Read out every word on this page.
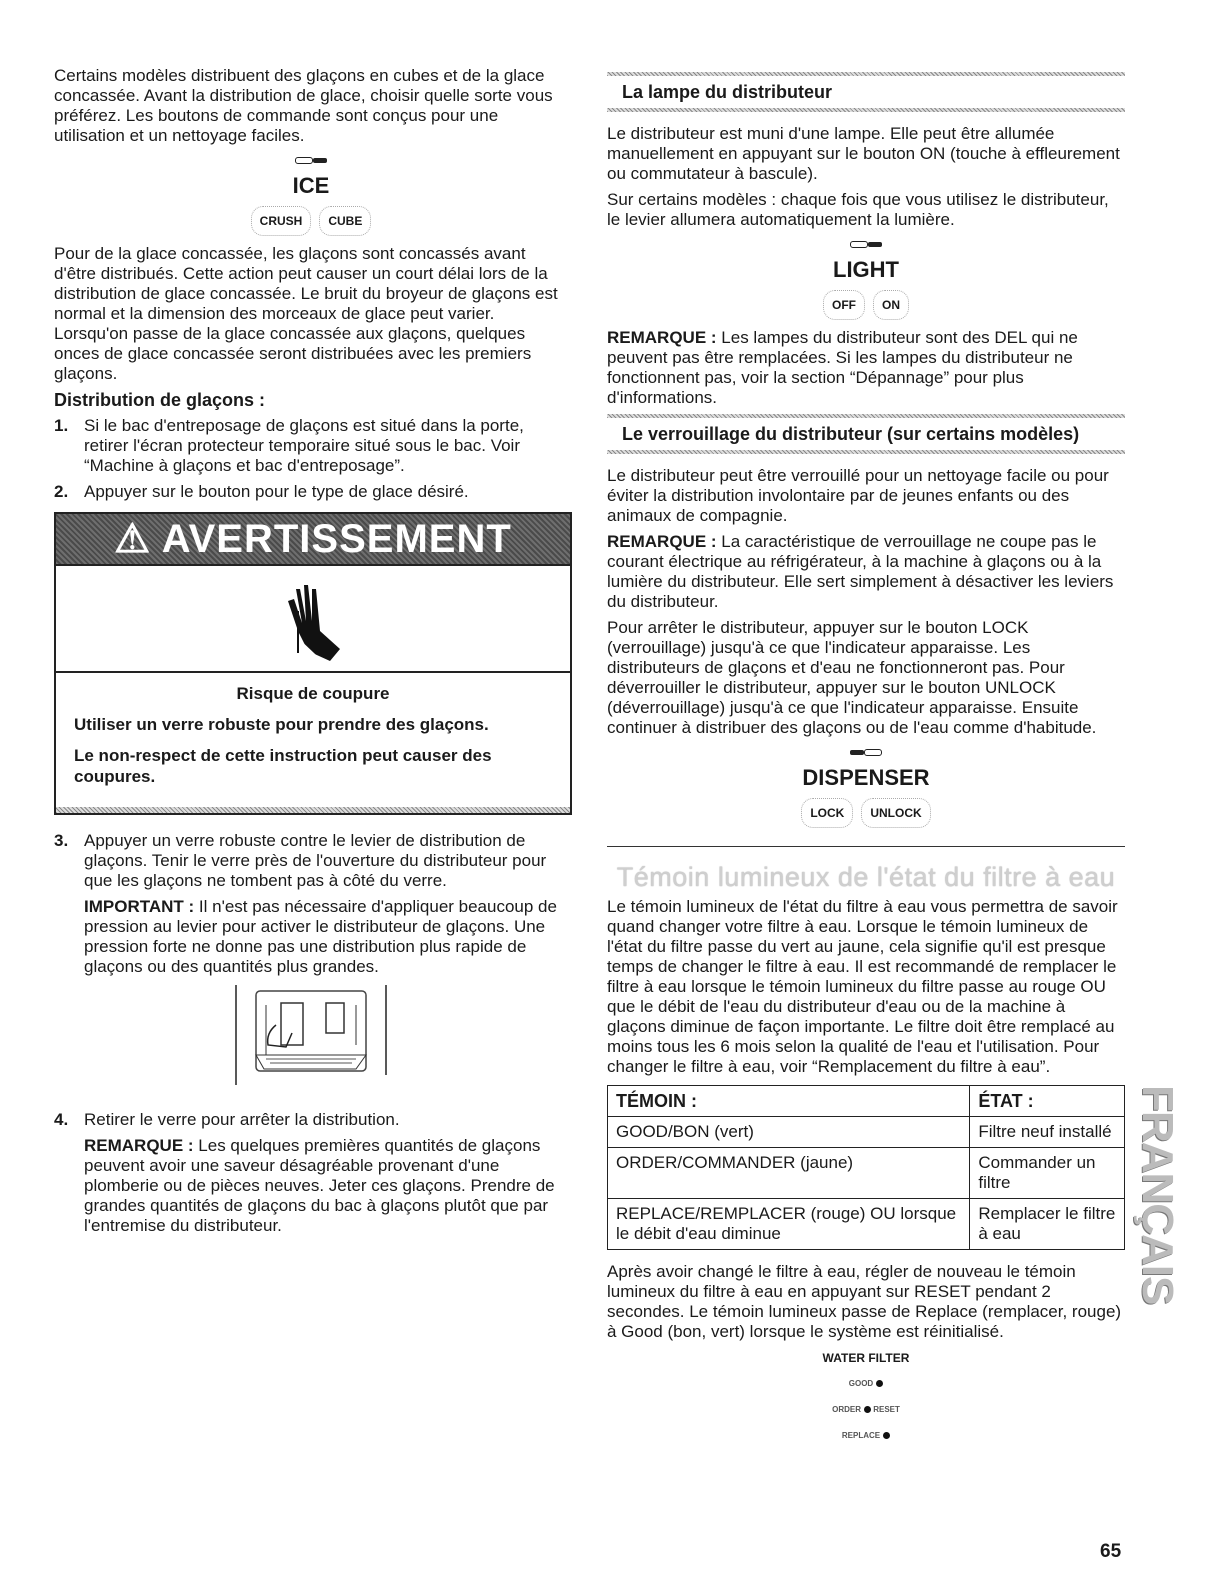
Certains modèles distribuent des glaçons en cubes et de la glace concassée. Avant la distribution de glace, choisir quelle sorte vous préférez. Les boutons de commande sont conçus pour une utilisation et un nettoyage faciles.

ICE
CRUSH	CUBE

Pour de la glace concassée, les glaçons sont concassés avant d'être distribués. Cette action peut causer un court délai lors de la distribution de glace concassée. Le bruit du broyeur de glaçons est normal et la dimension des morceaux de glace peut varier. Lorsqu'on passe de la glace concassée aux glaçons, quelques onces de glace concassée seront distribuées avec les premiers glaçons.

Distribution de glaçons :
1. Si le bac d'entreposage de glaçons est situé dans la porte, retirer l'écran protecteur temporaire situé sous le bac. Voir “Machine à glaçons et bac d'entreposage”.
2. Appuyer sur le bouton pour le type de glace désiré.
⚠ AVERTISSEMENT
Risque de coupure

Utiliser un verre robuste pour prendre des glaçons.

Le non-respect de cette instruction peut causer des coupures.

3. Appuyer un verre robuste contre le levier de distribution de glaçons. Tenir le verre près de l'ouverture du distributeur pour que les glaçons ne tombent pas à côté du verre.

IMPORTANT : Il n'est pas nécessaire d'appliquer beaucoup de pression au levier pour activer le distributeur de glaçons. Une pression forte ne donne pas une distribution plus rapide de glaçons ou des quantités plus grandes.

4. Retirer le verre pour arrêter la distribution.

REMARQUE : Les quelques premières quantités de glaçons peuvent avoir une saveur désagréable provenant d'une plomberie ou de pièces neuves. Jeter ces glaçons. Prendre de grandes quantités de glaçons du bac à glaçons plutôt que par l'entremise du distributeur.

La lampe du distributeur

Le distributeur est muni d'une lampe. Elle peut être allumée manuellement en appuyant sur le bouton ON (touche à effleurement ou commutateur à bascule).

Sur certains modèles : chaque fois que vous utilisez le distributeur, le levier allumera automatiquement la lumière.

LIGHT
OFF	ON

REMARQUE : Les lampes du distributeur sont des DEL qui ne peuvent pas être remplacées. Si les lampes du distributeur ne fonctionnent pas, voir la section “Dépannage” pour plus d'informations.

Le verrouillage du distributeur (sur certains modèles)

Le distributeur peut être verrouillé pour un nettoyage facile ou pour éviter la distribution involontaire par de jeunes enfants ou des animaux de compagnie.

REMARQUE : La caractéristique de verrouillage ne coupe pas le courant électrique au réfrigérateur, à la machine à glaçons ou à la lumière du distributeur. Elle sert simplement à désactiver les leviers du distributeur.

Pour arrêter le distributeur, appuyer sur le bouton LOCK (verrouillage) jusqu'à ce que l'indicateur apparaisse. Les distributeurs de glaçons et d'eau ne fonctionneront pas. Pour déverrouiller le distributeur, appuyer sur le bouton UNLOCK (déverrouillage) jusqu'à ce que l'indicateur apparaisse. Ensuite continuer à distribuer des glaçons ou de l'eau comme d'habitude.

DISPENSER
LOCK	UNLOCK
Témoin lumineux de l'état du filtre à eau

Le témoin lumineux de l'état du filtre à eau vous permettra de savoir quand changer votre filtre à eau. Lorsque le témoin lumineux de l'état du filtre passe du vert au jaune, cela signifie qu'il est presque temps de changer le filtre à eau. Il est recommandé de remplacer le filtre à eau lorsque le témoin lumineux du filtre passe au rouge OU que le débit de l'eau du distributeur d'eau ou de la machine à glaçons diminue de façon importante. Le filtre doit être remplacé au moins tous les 6 mois selon la qualité de l'eau et l'utilisation. Pour changer le filtre à eau, voir “Remplacement du filtre à eau”.

TÉMOIN :	ÉTAT :
GOOD/BON (vert)	Filtre neuf installé
ORDER/COMMANDER (jaune)	Commander un filtre
REPLACE/REMPLACER (rouge) OU lorsque le débit d'eau diminue	Remplacer le filtre à eau

Après avoir changé le filtre à eau, régler de nouveau le témoin lumineux du filtre à eau en appuyant sur RESET pendant 2 secondes. Le témoin lumineux passe de Replace (remplacer, rouge) à Good (bon, vert) lorsque le système est réinitialisé.

WATER FILTER
GOOD
ORDER RESET
REPLACE
FRANÇAIS
65
